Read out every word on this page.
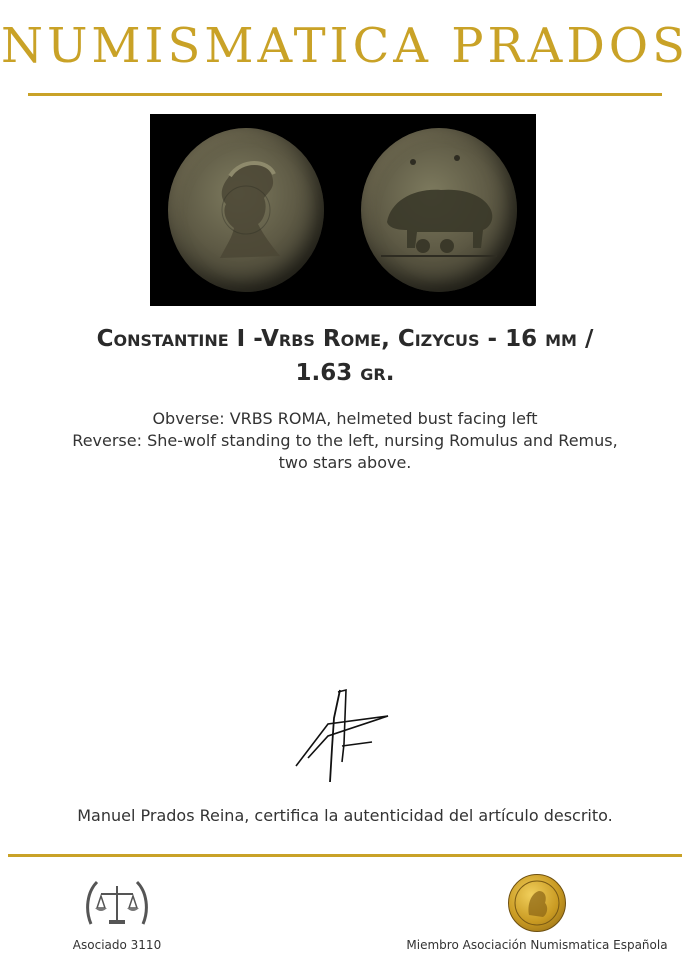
NUMISMATICA PRADOS
Constantine I -Vrbs Rome, Cizycus - 16 mm /
1.63 gr.
Obverse: VRBS ROMA, helmeted bust facing left
Reverse: She-wolf standing to the left, nursing Romulus and Remus,
two stars above.
Manuel Prados Reina, certifica la autenticidad del artículo descrito.
Asociado 3110	Miembro Asociación Numismatica Española
